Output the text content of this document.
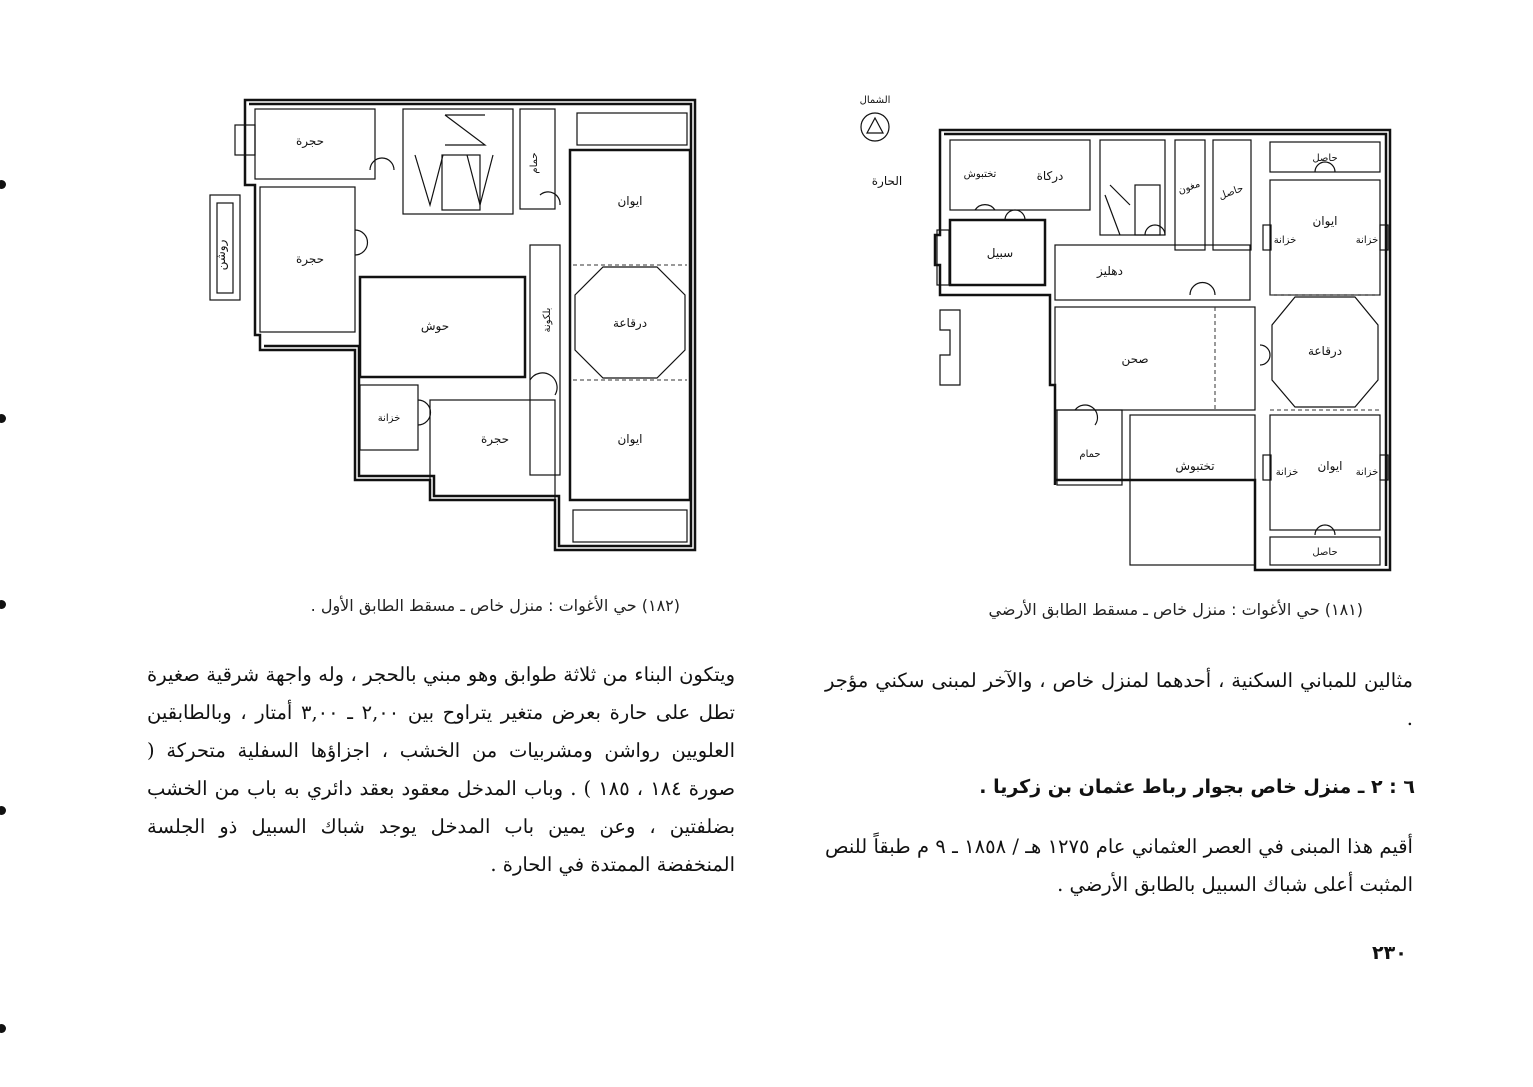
حجرة
روشن	حجرة
حمام
ايوان
حوش	بلكونة	درقاعة
خزانة
حجرة	ايوان
الشمال
الحارة	تختبوش	دركاة
سبيل
دهليز
مغون حاصل
حاصل
ايوان
خزانة	خزانة
درقاعة
صحن
حمام
تختبوش	ايوان
خزانة	خزانة
حاصل
(١٨٢) حي الأغوات : منزل خاص ـ مسقط الطابق الأول .	(١٨١) حي الأغوات : منزل خاص ـ مسقط الطابق الأرضي

ويتكون البناء من ثلاثة طوابق وهو مبني بالحجر ، وله واجهة شرقية صغيرة تطل على حارة بعرض متغير يتراوح بين ٢,٠٠ ـ ٣,٠٠ أمتار ، وبالطابقين العلويين رواشن ومشربيات من الخشب ، اجزاؤها السفلية متحركة ( صورة ١٨٤ ، ١٨٥ ) . وباب المدخل معقود بعقد دائري به باب من الخشب بضلفتين ، وعن يمين باب المدخل يوجد شباك السبيل ذو الجلسة المنخفضة الممتدة في الحارة .

مثالين للمباني السكنية ، أحدهما لمنزل خاص ، والآخر لمبنى سكني مؤجر .

٦ : ٢ ـ منزل خاص بجوار رباط عثمان بن زكريا .

أقيم هذا المبنى في العصر العثماني عام ١٢٧٥ هـ / ١٨٥٨ ـ ٩ م طبقاً للنص المثبت أعلى شباك السبيل بالطابق الأرضي .

٢٣٠
